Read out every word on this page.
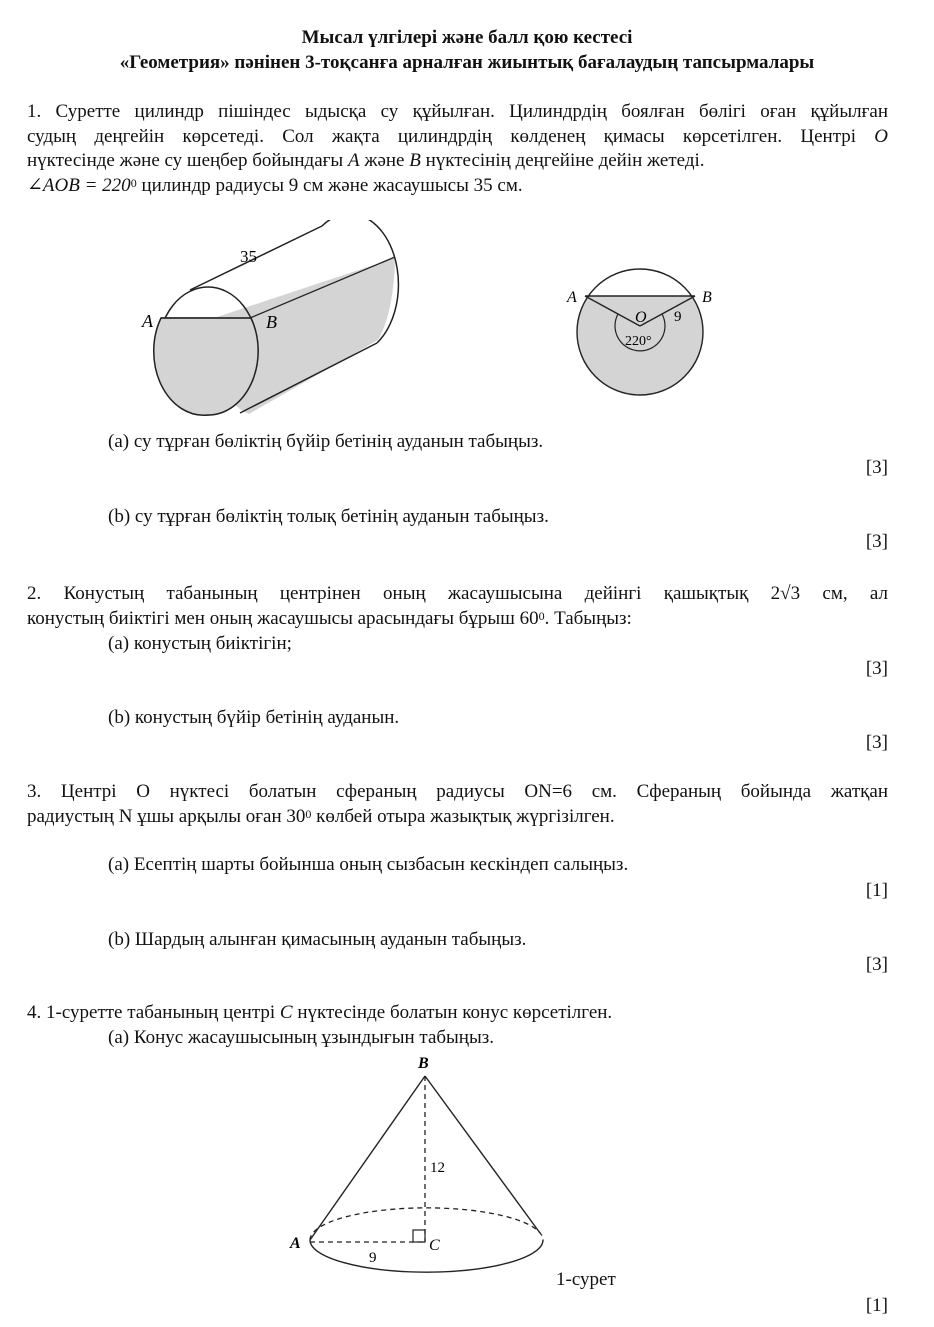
Мысал үлгілері және балл қою кестесі
«Геометрия» пәнінен 3-тоқсанға арналған жиынтық бағалаудың тапсырмалары
1. Суретте цилиндр пішіндес ыдысқа су құйылған. Цилиндрдің боялған бөлігі оған құйылған
судың деңгейін көрсетеді. Сол жақта цилиндрдің көлденең қимасы көрсетілген. Центрі O
нүктесінде және су шеңбер бойындағы A және B нүктесінің деңгейіне дейін жетеді.
∠AOB = $220^0$ цилиндр радиусы 9 см және жасаушысы 35 см.
35
A	B
A	B
O 9
220°
(a) су тұрған бөліктің бүйір бетінің ауданын табыңыз.
[3]
(b) су тұрған бөліктің толық бетінің ауданын табыңыз.
[3]
2. Конустың табанының центрінен оның жасаушысына дейінгі қашықтық 2√3 см, ал
конустың биіктігі мен оның жасаушысы арасындағы бұрыш $60^0$. Табыңыз:
(a) конустың биіктігін;
[3]
(b) конустың бүйір бетінің ауданын.
[3]
3. Центрі O нүктесі болатын сфераның радиусы ON=6 см. Сфераның бойында жатқан
радиустың N ұшы арқылы оған $30^0$ көлбей отыра жазықтық жүргізілген.
(a) Есептің шарты бойынша оның сызбасын кескіндеп салыңыз.
[1]
(b) Шардың алынған қимасының ауданын табыңыз.
[3]
4. 1-суретте табанының центрі C нүктесінде болатын конус көрсетілген.
(a) Конус жасаушысының ұзындығын табыңыз.
B
A	C
12
9
1-сурет
[1]
